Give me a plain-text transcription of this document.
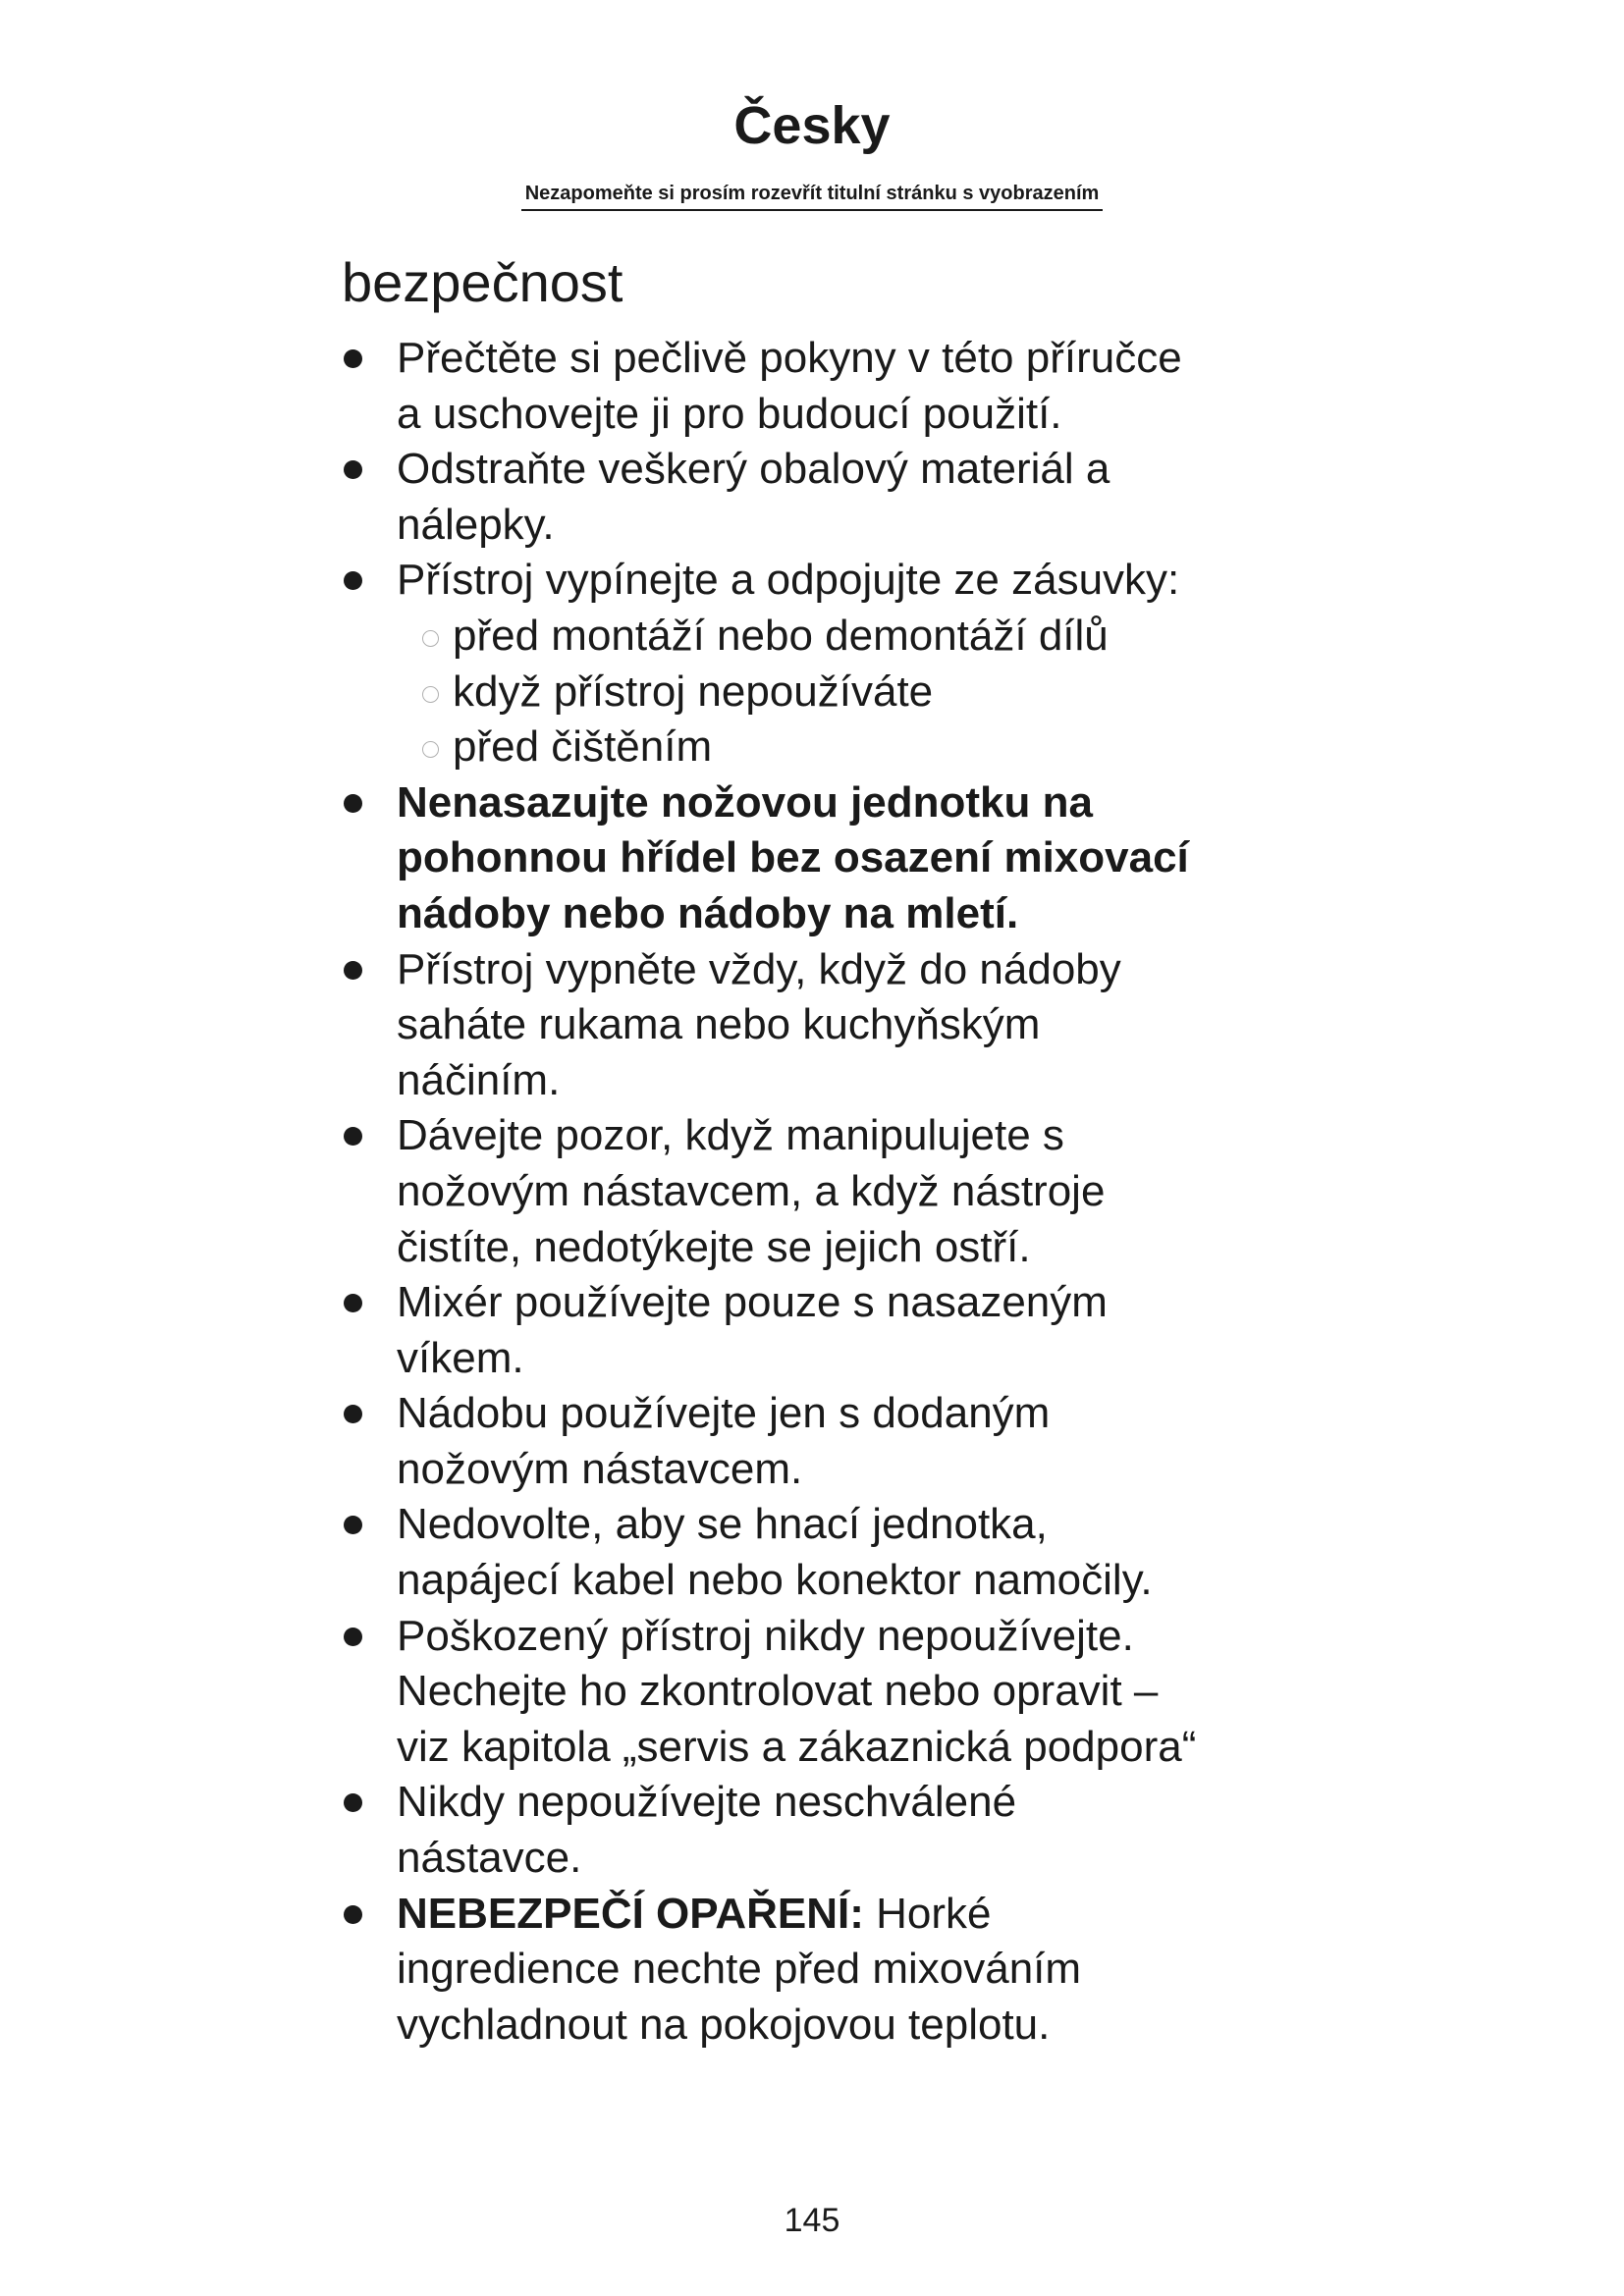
Česky
Nezapomeňte si prosím rozevřít titulní stránku s vyobrazením
bezpečnost
Přečtěte si pečlivě pokyny v této příručce
a uschovejte ji pro budoucí použití.
Odstraňte veškerý obalový materiál a
nálepky.
Přístroj vypínejte a odpojujte ze zásuvky:
před montáží nebo demontáží dílů
když přístroj nepoužíváte
před čištěním
Nenasazujte nožovou jednotku na
pohonnou hřídel bez osazení mixovací
nádoby nebo nádoby na mletí.
Přístroj vypněte vždy, když do nádoby
saháte rukama nebo kuchyňským
náčiním.
Dávejte pozor, když manipulujete s
nožovým nástavcem, a když nástroje
čistíte, nedotýkejte se jejich ostří.
Mixér používejte pouze s nasazeným
víkem.
Nádobu používejte jen s dodaným
nožovým nástavcem.
Nedovolte, aby se hnací jednotka,
napájecí kabel nebo konektor namočily.
Poškozený přístroj nikdy nepoužívejte.
Nechejte ho zkontrolovat nebo opravit –
viz kapitola „servis a zákaznická podpora“
Nikdy nepoužívejte neschválené
nástavce.
NEBEZPEČÍ OPAŘENÍ: Horké
ingredience nechte před mixováním
vychladnout na pokojovou teplotu.
145
